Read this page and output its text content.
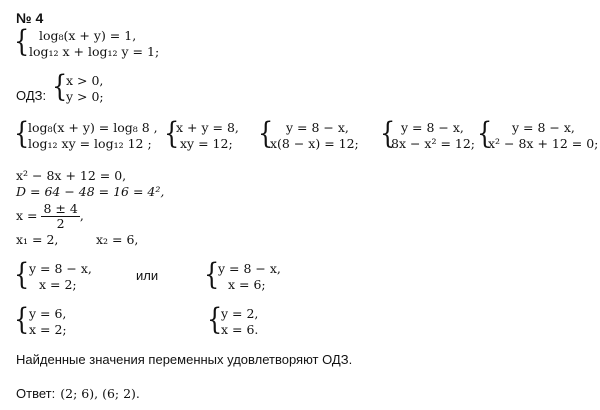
№ 4
{ log₈(x + y) = 1,
log₁₂ x + log₁₂ y = 1;
ОДЗ: {
x > 0,
y > 0;
{
log₈(x + y) = log₈ 8 ,
log₁₂ xy = log₁₂ 12 ; {
x + y = 8,
xy = 12; {	y = 8 − x,
x(8 − x) = 12; { y = 8 − x,
8x − x² = 12; {	y = 8 − x,
x² − 8x + 12 = 0;
x² − 8x + 12 = 0,
D = 64 − 48 = 16 = 4²,
$x = \frac{8 \pm 4}{2}$ ,
x₁ = 2,	x₂ = 6,
{ y = 8 − x,
x = 2;
или {
y = 8 − x,
x = 6;
{ y = 6,
x = 2;	{
y = 2,
x = 6.
Найденные значения переменных удовлетворяют ОДЗ.
Ответ: (2; 6), (6; 2).
